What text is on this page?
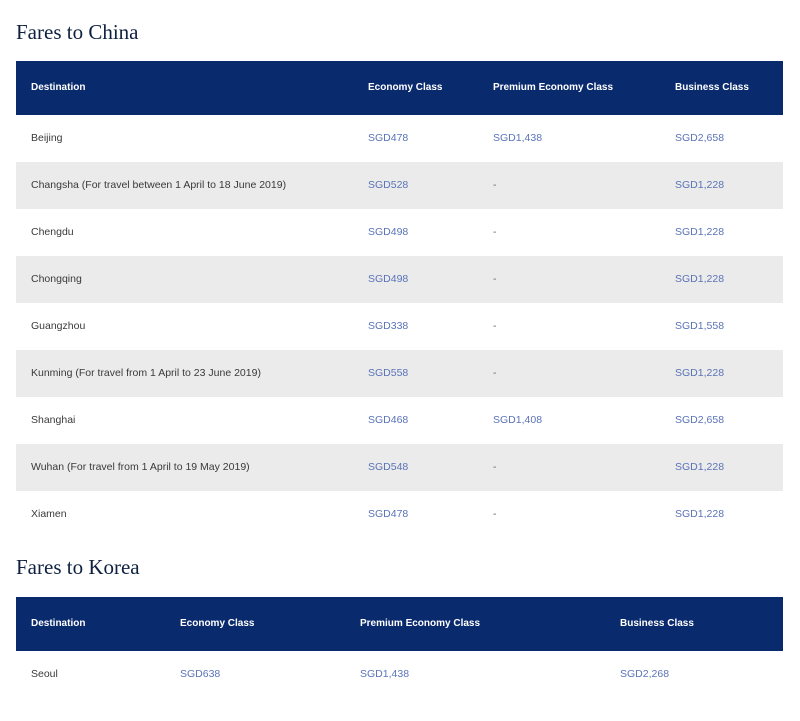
Fares to China
Destination	Economy Class	Premium Economy Class	Business Class
Beijing	SGD478	SGD1,438	SGD2,658
Changsha (For travel between 1 April to 18 June 2019)	SGD528	-	SGD1,228
Chengdu	SGD498	-	SGD1,228
Chongqing	SGD498	-	SGD1,228
Guangzhou	SGD338	-	SGD1,558
Kunming (For travel from 1 April to 23 June 2019)	SGD558	-	SGD1,228
Shanghai	SGD468	SGD1,408	SGD2,658
Wuhan (For travel from 1 April to 19 May 2019)	SGD548	-	SGD1,228
Xiamen	SGD478	-	SGD1,228
Fares to Korea
Destination	Economy Class	Premium Economy Class	Business Class
Seoul	SGD638	SGD1,438	SGD2,268
